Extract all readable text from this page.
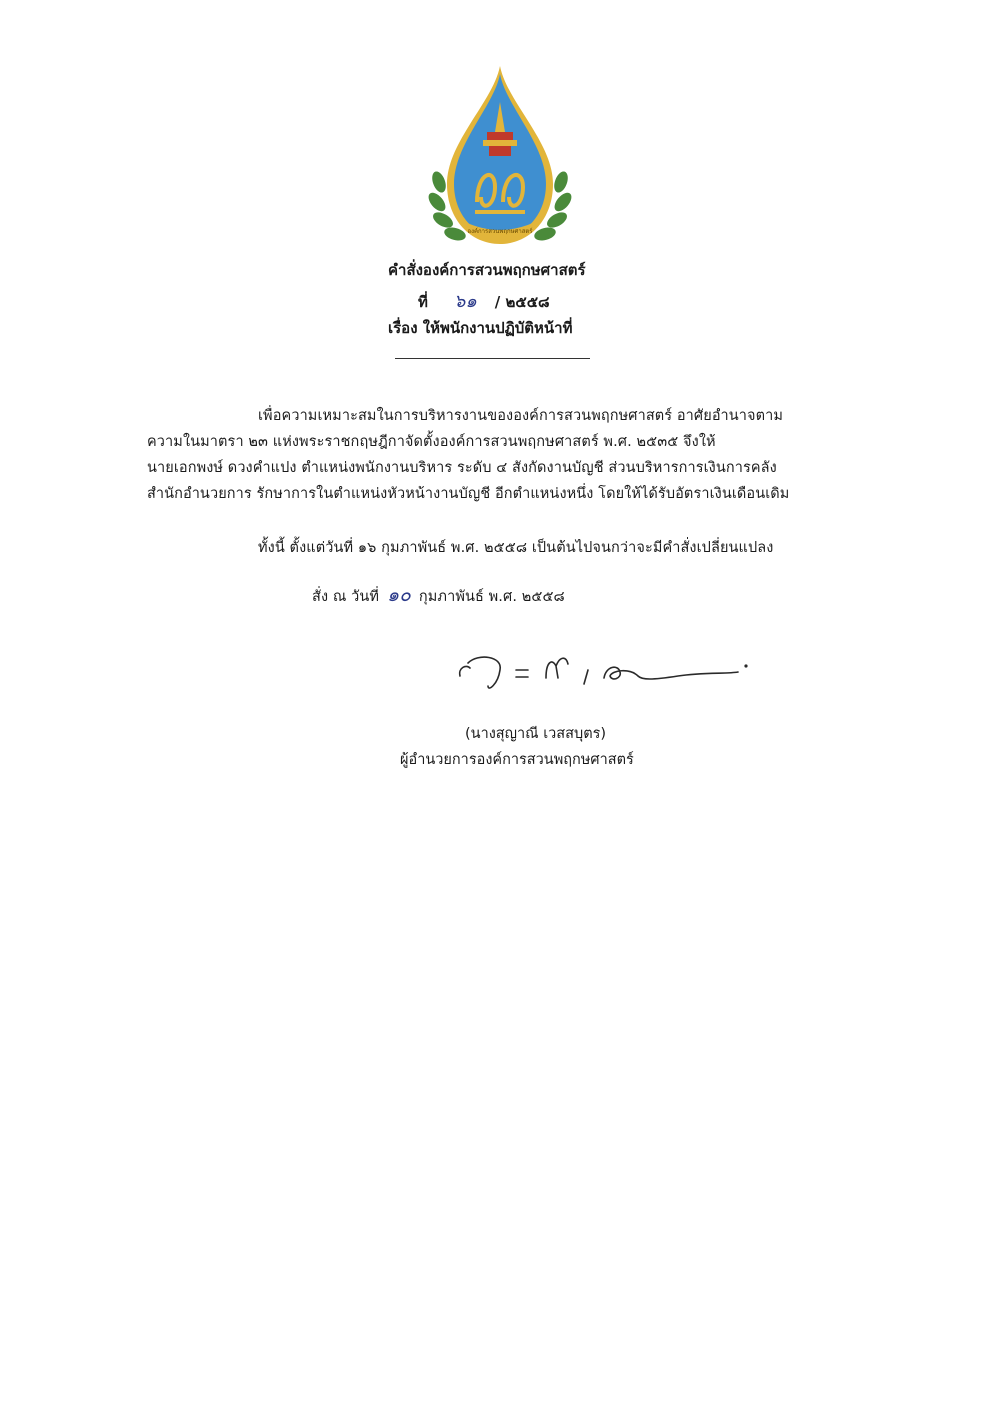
องค์การสวนพฤกษศาสตร์
คำสั่งองค์การสวนพฤกษศาสตร์
ที่ ๖๑ / ๒๕๕๘
เรื่อง ให้พนักงานปฏิบัติหน้าที่
เพื่อความเหมาะสมในการบริหารงานขององค์การสวนพฤกษศาสตร์ อาศัยอำนาจตาม
ความในมาตรา ๒๓ แห่งพระราชกฤษฎีกาจัดตั้งองค์การสวนพฤกษศาสตร์ พ.ศ. ๒๕๓๕ จึงให้
นายเอกพงษ์ ดวงคำแปง ตำแหน่งพนักงานบริหาร ระดับ ๔ สังกัดงานบัญชี ส่วนบริหารการเงินการคลัง
สำนักอำนวยการ รักษาการในตำแหน่งหัวหน้างานบัญชี อีกตำแหน่งหนึ่ง โดยให้ได้รับอัตราเงินเดือนเดิม
ทั้งนี้ ตั้งแต่วันที่ ๑๖ กุมภาพันธ์ พ.ศ. ๒๕๕๘ เป็นต้นไปจนกว่าจะมีคำสั่งเปลี่ยนแปลง
สั่ง ณ วันที่ ๑๐ กุมภาพันธ์ พ.ศ. ๒๕๕๘
(นางสุญาณี เวสสบุตร)
ผู้อำนวยการองค์การสวนพฤกษศาสตร์
